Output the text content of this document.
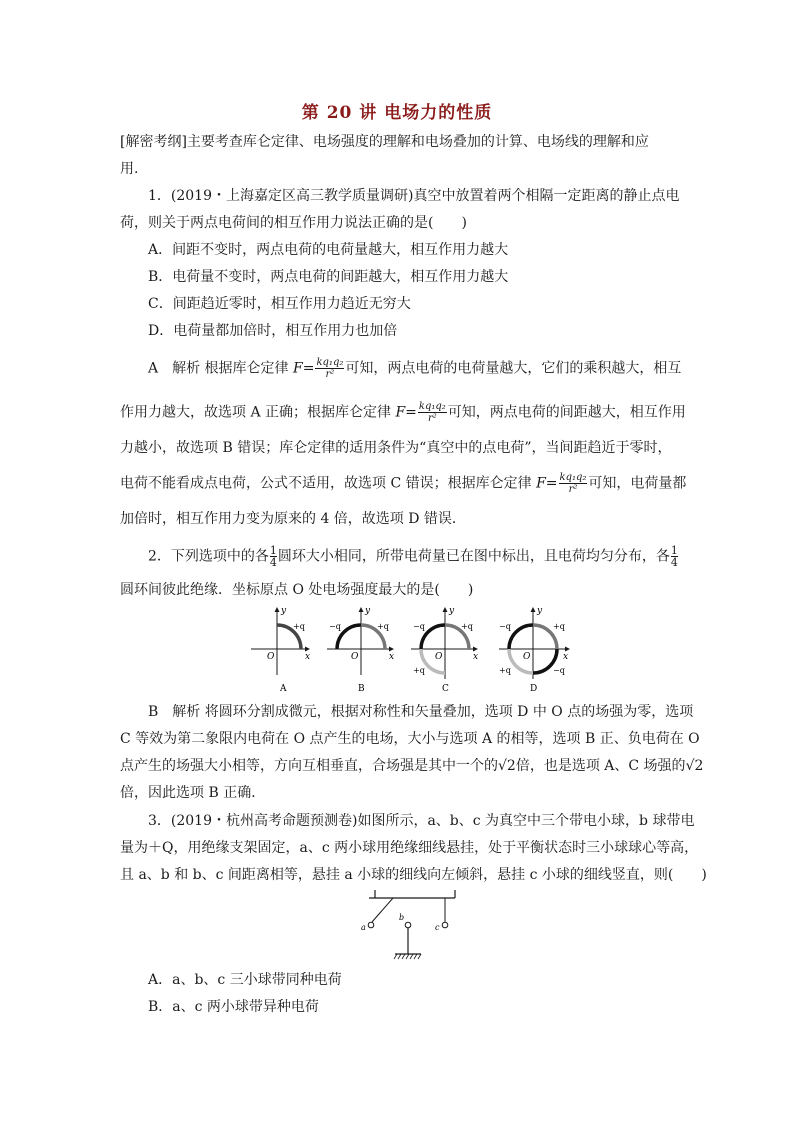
第 20 讲 电场力的性质
[解密考纲]主要考查库仑定律、电场强度的理解和电场叠加的计算、电场线的理解和应
用.
1．(2019・上海嘉定区高三教学质量调研)真空中放置着两个相隔一定距离的静止点电
荷，则关于两点电荷间的相互作用力说法正确的是(　　)
A．间距不变时，两点电荷的电荷量越大，相互作用力越大
B．电荷量不变时，两点电荷的间距越大，相互作用力越大
C．间距趋近零时，相互作用力趋近无穷大
D．电荷量都加倍时，相互作用力也加倍
A　解析 根据库仑定律 $F= \frac{\text{kq₁q₂}}{\text{r²}}$ 可知，两点电荷的电荷量越大，它们的乘积越大，相互
作用力越大，故选项 A 正确；根据库仑定律 $F= \frac{\text{kq₁q₂}}{\text{r²}}$ 可知，两点电荷的间距越大，相互作用
力越小，故选项 B 错误；库仑定律的适用条件为“真空中的点电荷”，当间距趋近于零时，
电荷不能看成点电荷，公式不适用，故选项 C 错误；根据库仑定律 $F= \frac{\text{kq₁q₂}}{\text{r²}}$ 可知，电荷量都
加倍时，相互作用力变为原来的 4 倍，故选项 D 错误．
2．下列选项中的各 $\frac{1}{4}$圆环大小相同，所带电荷量已在图中标出，且电荷均匀分布，各 $\frac{1}{4}$
圆环间彼此绝缘．坐标原点 O 处电场强度最大的是(　　)
y
x
O
+q
A
y
x
O
−q	+q
B
y
x
O
−q	+q
+q
C
y
x
O
−q	+q
+q	−q
D
B　解析 将圆环分割成微元，根据对称性和矢量叠加，选项 D 中 O 点的场强为零，选项
C 等效为第二象限内电荷在 O 点产生的电场，大小与选项 A 的相等，选项 B 正、负电荷在 O
点产生的场强大小相等，方向互相垂直，合场强是其中一个的√2倍，也是选项 A、C 场强的√2
倍，因此选项 B 正确．
3．(2019・杭州高考命题预测卷)如图所示，a、b、c 为真空中三个带电小球，b 球带电
量为＋Q，用绝缘支架固定，a、c 两小球用绝缘细线悬挂，处于平衡状态时三小球球心等高，
且 a、b 和 b、c 间距离相等，悬挂 a 小球的细线向左倾斜，悬挂 c 小球的细线竖直，则(　　)
a
b
c
A．a、b、c 三小球带同种电荷
B．a、c 两小球带异种电荷
